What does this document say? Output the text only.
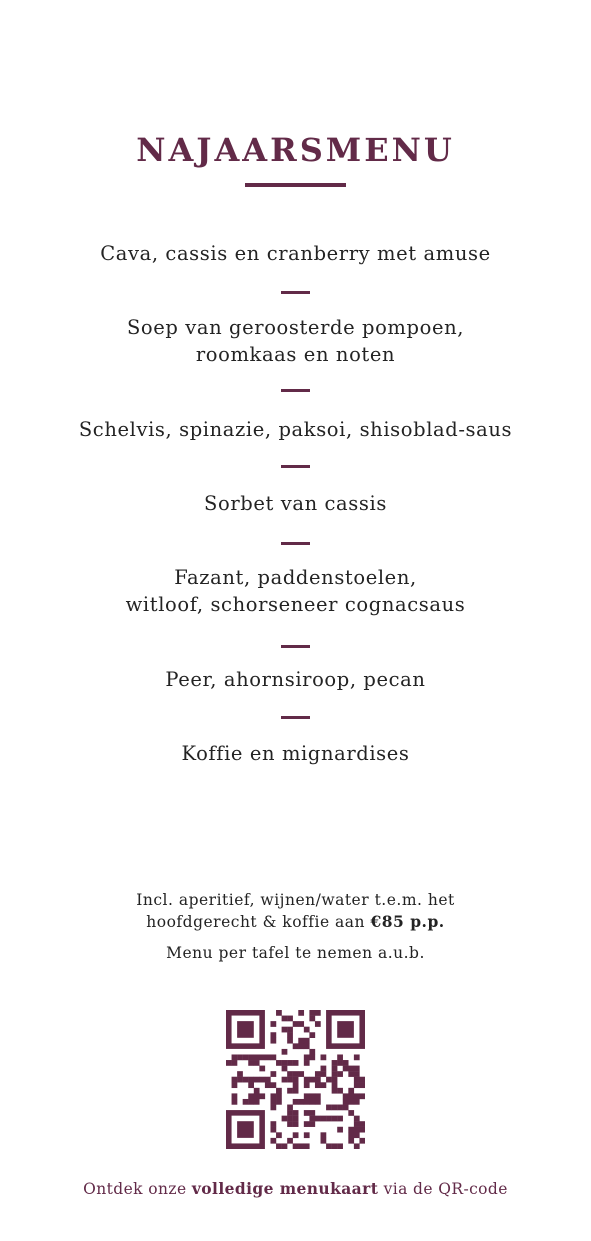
NAJAARSMENU
Cava, cassis en cranberry met amuse
Soep van geroosterde pompoen,
roomkaas en noten
Schelvis, spinazie, paksoi, shisoblad-saus
Sorbet van cassis
Fazant, paddenstoelen,
witloof, schorseneer cognacsaus
Peer, ahornsiroop, pecan
Koffie en mignardises
Incl. aperitief, wijnen/water t.e.m. het
hoofdgerecht & koffie aan €85 p.p.
Menu per tafel te nemen a.u.b.
Ontdek onze volledige menukaart via de QR-code
